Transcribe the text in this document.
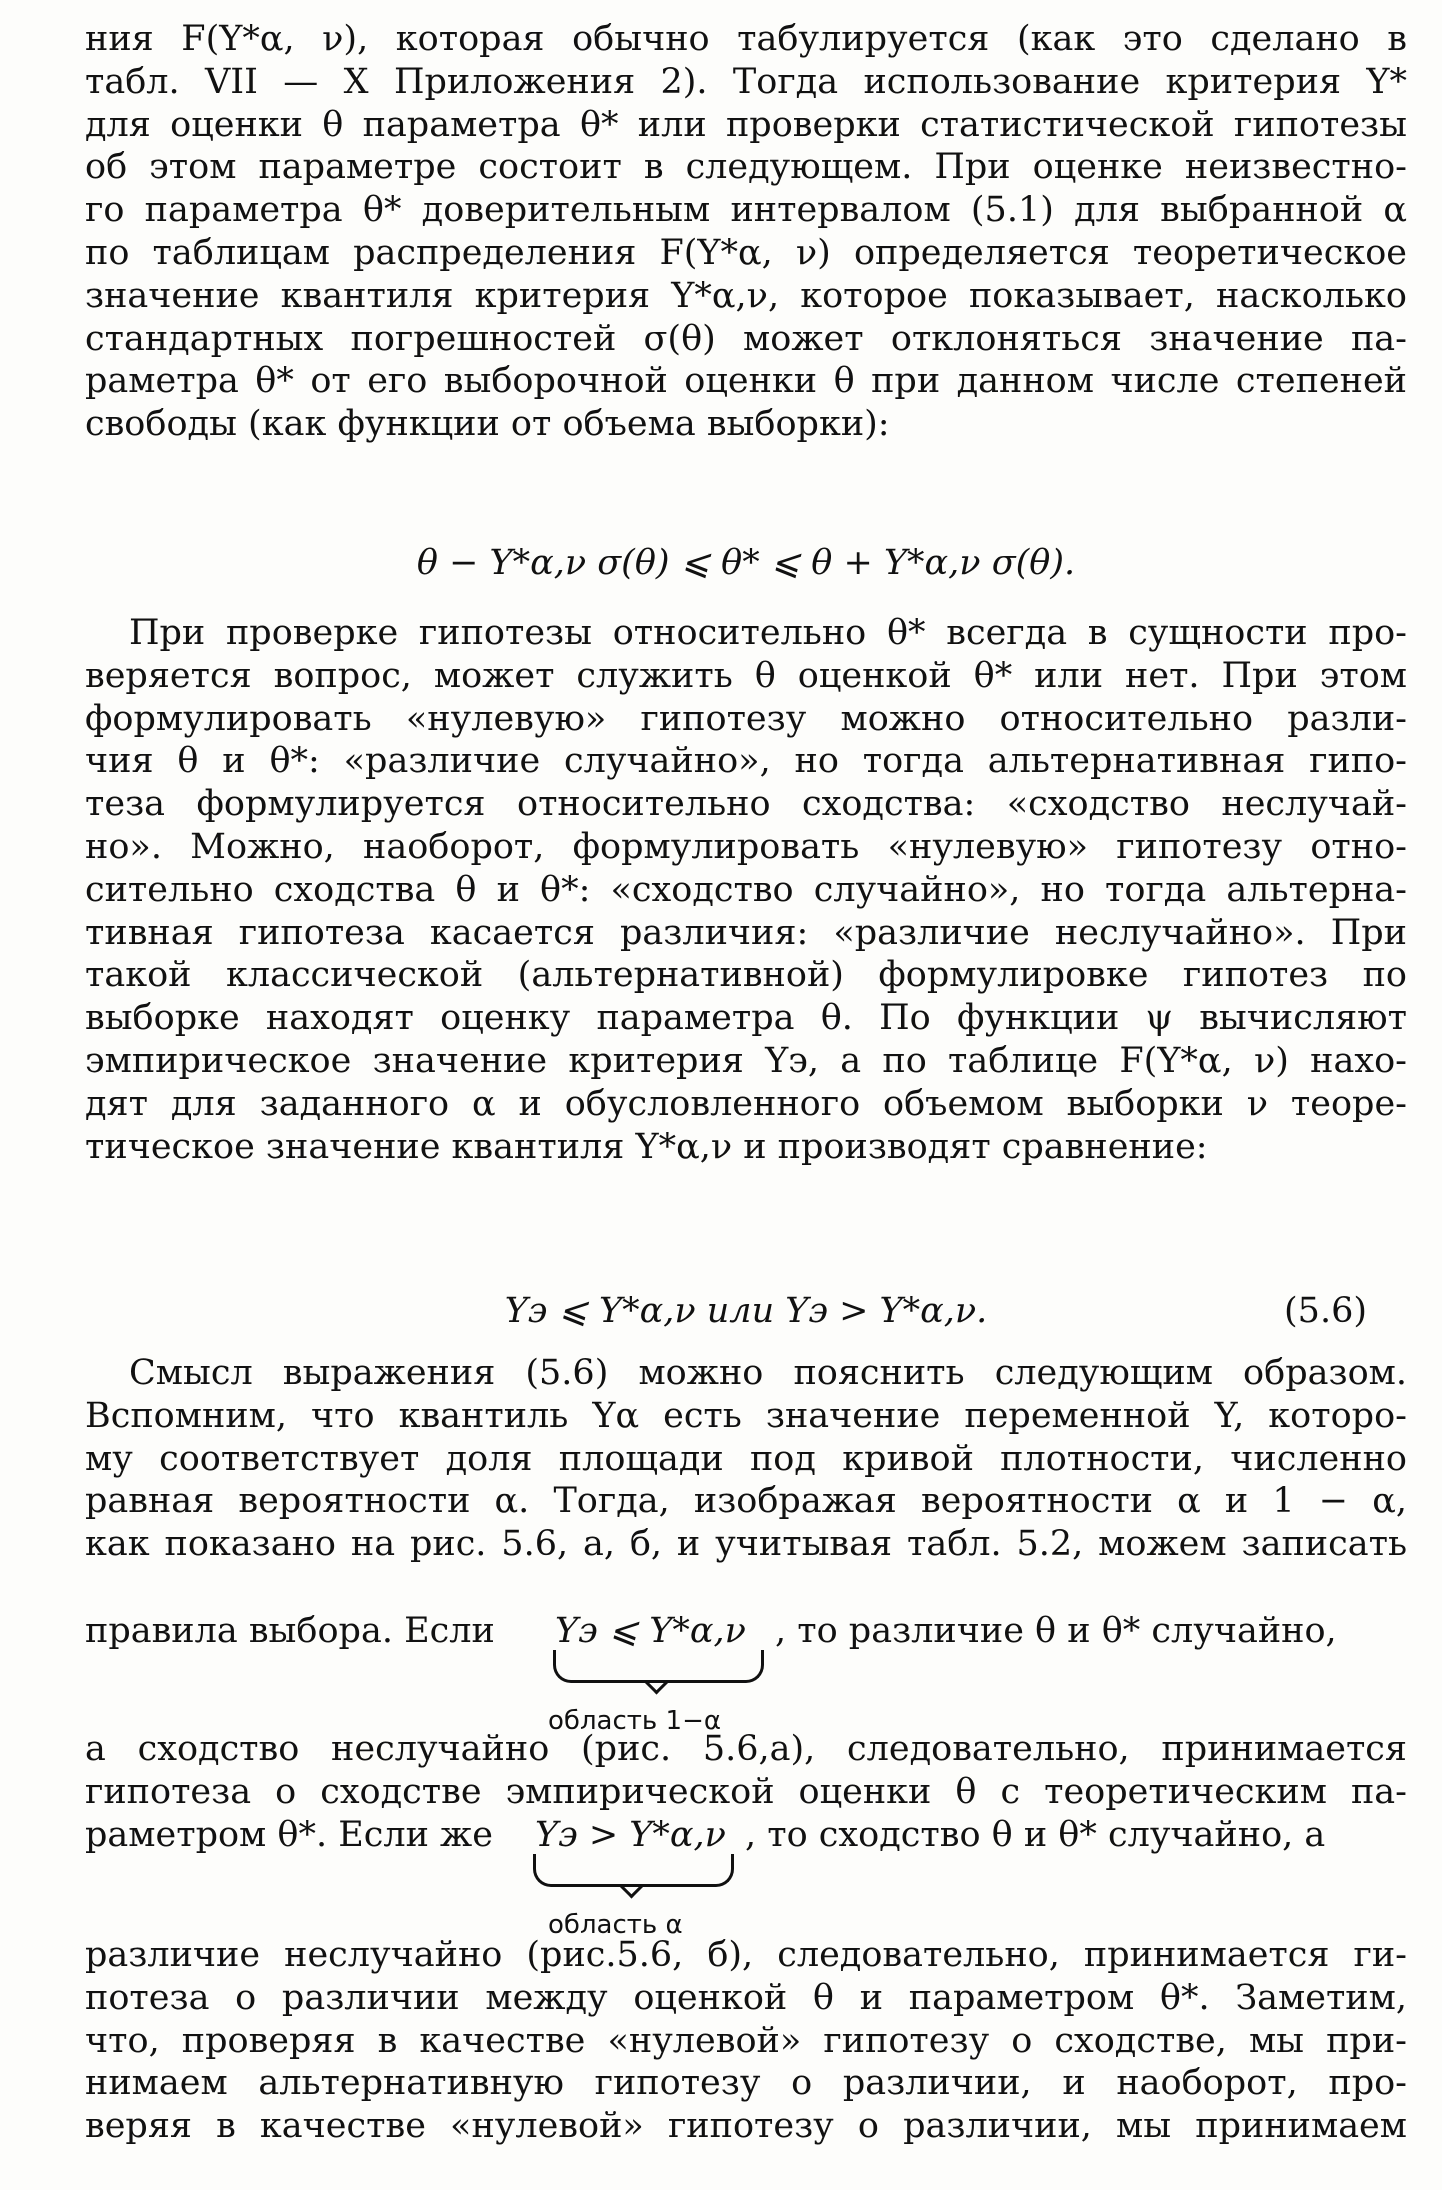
ния F(Y*α, ν), которая обычно табулируется (как это сделано в
табл. VII — X Приложения 2). Тогда использование критерия Y*
для оценки θ параметра θ* или проверки статистической гипотезы
об этом параметре состоит в следующем. При оценке неизвестно-
го параметра θ* доверительным интервалом (5.1) для выбранной α
по таблицам распределения F(Y*α, ν) определяется теоретическое
значение квантиля критерия Y*α,ν, которое показывает, насколько
стандартных погрешностей σ(θ) может отклоняться значение па-
раметра θ* от его выборочной оценки θ при данном числе степеней
свободы (как функции от объема выборки):
θ − Y*α,ν σ(θ) ⩽ θ* ⩽ θ + Y*α,ν σ(θ).
При проверке гипотезы относительно θ* всегда в сущности про-
веряется вопрос, может служить θ оценкой θ* или нет. При этом
формулировать «нулевую» гипотезу можно относительно разли-
чия θ и θ*: «различие случайно», но тогда альтернативная гипо-
теза формулируется относительно сходства: «сходство неслучай-
но». Можно, наоборот, формулировать «нулевую» гипотезу отно-
сительно сходства θ и θ*: «сходство случайно», но тогда альтерна-
тивная гипотеза касается различия: «различие неслучайно». При
такой классической (альтернативной) формулировке гипотез по
выборке находят оценку параметра θ. По функции ψ вычисляют
эмпирическое значение критерия Yэ, а по таблице F(Y*α, ν) нахо-
дят для заданного α и обусловленного объемом выборки ν теоре-
тическое значение квантиля Y*α,ν и производят сравнение:
Yэ ⩽ Y*α,ν или Yэ > Y*α,ν.	(5.6)
Смысл выражения (5.6) можно пояснить следующим образом.
Вспомним, что квантиль Yα есть значение переменной Y, которо-
му соответствует доля площади под кривой плотности, численно
равная вероятности α. Тогда, изображая вероятности α и 1 − α,
как показано на рис. 5.6, а, б, и учитывая табл. 5.2, можем записать
правила выбора. Если Yэ ⩽ Y*α,ν , то различие θ и θ* случайно,
область 1−α
а сходство неслучайно (рис. 5.6,а), следовательно, принимается
гипотеза о сходстве эмпирической оценки θ с теоретическим па-
раметром θ*. Если же Yэ > Y*α,ν , то сходство θ и θ* случайно, а
область α
различие неслучайно (рис.5.6, б), следовательно, принимается ги-
потеза о различии между оценкой θ и параметром θ*. Заметим,
что, проверяя в качестве «нулевой» гипотезу о сходстве, мы при-
нимаем альтернативную гипотезу о различии, и наоборот, про-
веряя в качестве «нулевой» гипотезу о различии, мы принимаем
